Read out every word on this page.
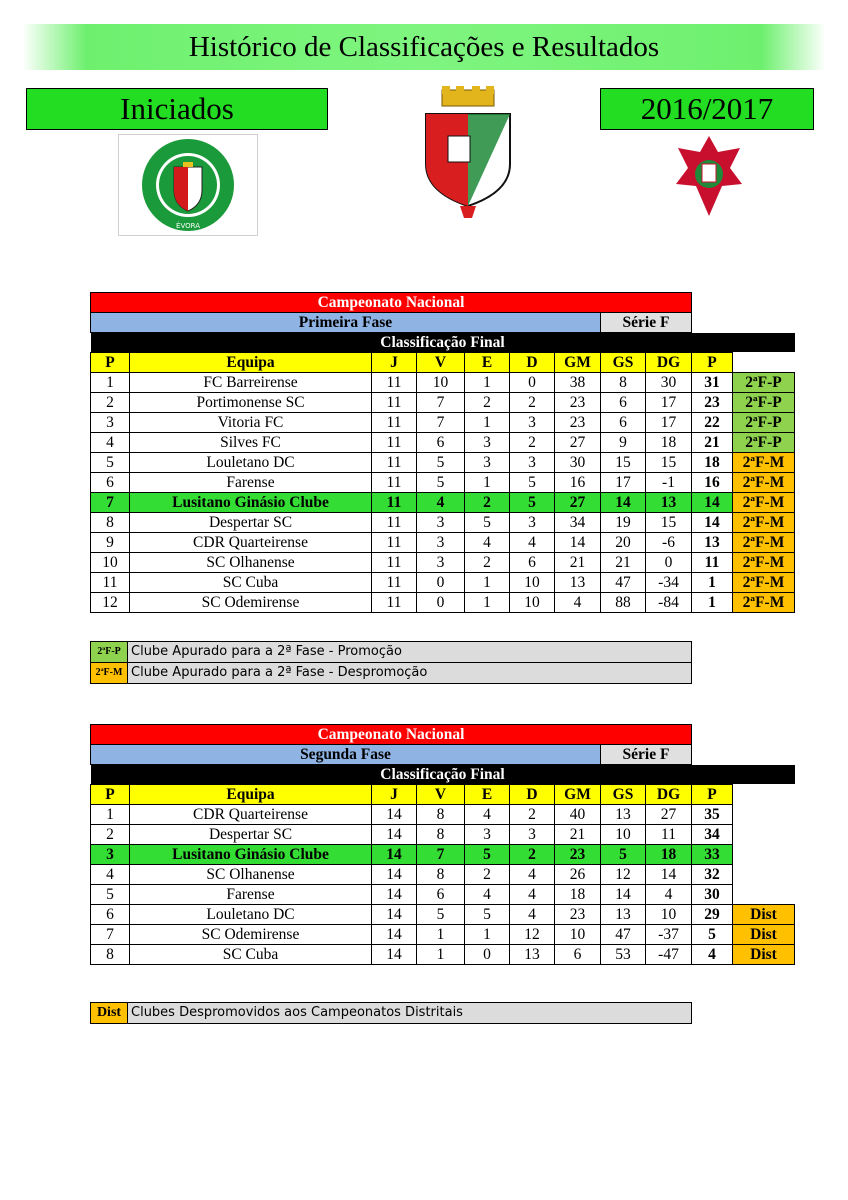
Histórico de Classificações e Resultados
Iniciados	2016/2017
ÉVORA
Campeonato Nacional										
Primeira Fase							Série F			
Classificação Final										
P	Equipa	J	V	E	D	GM	GS	DG	P	
1	FC Barreirense	11	10	1	0	38	8	30	31	2ªF-P
2	Portimonense SC	11	7	2	2	23	6	17	23	2ªF-P
3	Vitoria FC	11	7	1	3	23	6	17	22	2ªF-P
4	Silves FC	11	6	3	2	27	9	18	21	2ªF-P
5	Louletano DC	11	5	3	3	30	15	15	18	2ªF-M
6	Farense	11	5	1	5	16	17	-1	16	2ªF-M
7	Lusitano Ginásio Clube	11	4	2	5	27	14	13	14	2ªF-M
8	Despertar SC	11	3	5	3	34	19	15	14	2ªF-M
9	CDR Quarteirense	11	3	4	4	14	20	-6	13	2ªF-M
10	SC Olhanense	11	3	2	6	21	21	0	11	2ªF-M
11	SC Cuba	11	0	1	10	13	47	-34	1	2ªF-M
12	SC Odemirense	11	0	1	10	4	88	-84	1	2ªF-M
2ªF-P	Clube Apurado para a 2ª Fase - Promoção
2ªF-M	Clube Apurado para a 2ª Fase - Despromoção
Campeonato Nacional										
Segunda Fase							Série F			
Classificação Final										
P	Equipa	J	V	E	D	GM	GS	DG	P	
1	CDR Quarteirense	14	8	4	2	40	13	27	35	
2	Despertar SC	14	8	3	3	21	10	11	34	
3	Lusitano Ginásio Clube	14	7	5	2	23	5	18	33	
4	SC Olhanense	14	8	2	4	26	12	14	32	
5	Farense	14	6	4	4	18	14	4	30	
6	Louletano DC	14	5	5	4	23	13	10	29	Dist
7	SC Odemirense	14	1	1	12	10	47	-37	5	Dist
8	SC Cuba	14	1	0	13	6	53	-47	4	Dist
Dist	Clubes Despromovidos aos Campeonatos Distritais
